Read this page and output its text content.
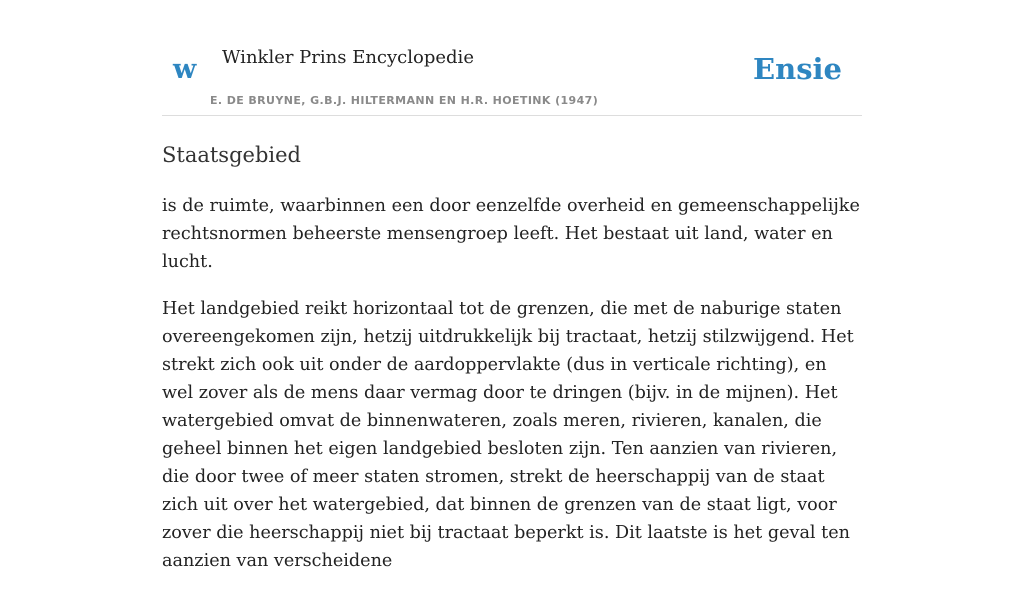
w Winkler Prins Encyclopedie
E. DE BRUYNE, G.B.J. HILTERMANN EN H.R. HOETINK (1947)
Ensie
Staatsgebied

is de ruimte, waarbinnen een door eenzelfde overheid en gemeenschappelijke rechtsnormen beheerste mensengroep leeft. Het bestaat uit land, water en lucht.

Het landgebied reikt horizontaal tot de grenzen, die met de naburige staten overeengekomen zijn, hetzij uitdrukkelijk bij tractaat, hetzij stilzwijgend. Het strekt zich ook uit onder de aardoppervlakte (dus in verticale richting), en wel zover als de mens daar vermag door te dringen (bijv. in de mijnen). Het watergebied omvat de binnenwateren, zoals meren, rivieren, kanalen, die geheel binnen het eigen landgebied besloten zijn. Ten aanzien van rivieren, die door twee of meer staten stromen, strekt de heerschappij van de staat zich uit over het watergebied, dat binnen de grenzen van de staat ligt, voor zover die heerschappij niet bij tractaat beperkt is. Dit laatste is het geval ten aanzien van verscheidene
